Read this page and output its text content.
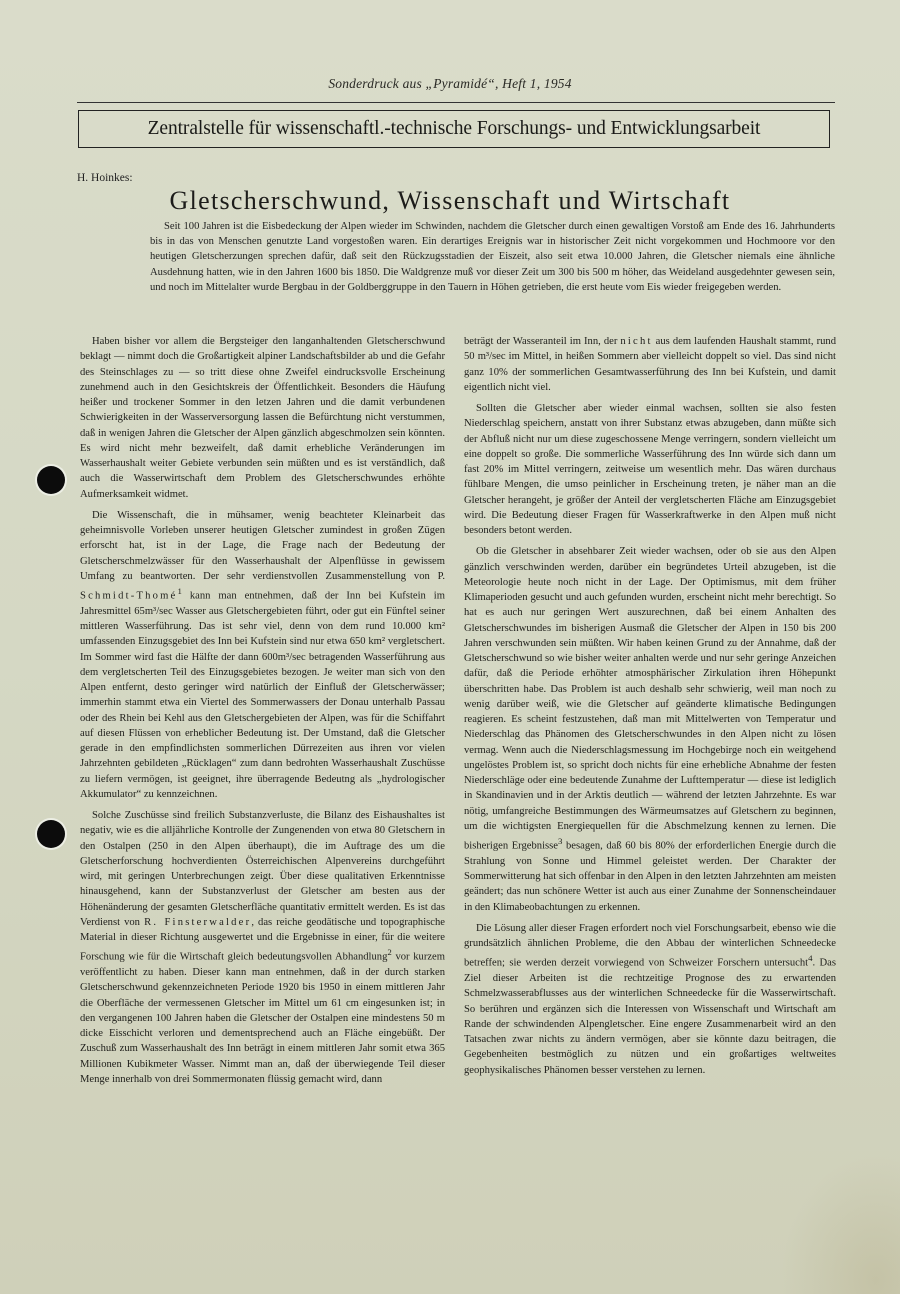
Sonderdruck aus „Pyramidé“, Heft 1, 1954
Zentralstelle für wissenschaftl.-technische Forschungs- und Entwicklungsarbeit
H. Hoinkes:
Gletscherschwund, Wissenschaft und Wirtschaft
Seit 100 Jahren ist die Eisbedeckung der Alpen wieder im Schwinden, nachdem die Gletscher durch einen gewaltigen Vorstoß am Ende des 16. Jahrhunderts bis in das von Menschen genutzte Land vorgestoßen waren. Ein derartiges Ereignis war in historischer Zeit nicht vorgekommen und Hochmoore vor den heutigen Gletscherzungen sprechen dafür, daß seit den Rückzugsstadien der Eiszeit, also seit etwa 10.000 Jahren, die Gletscher niemals eine ähnliche Ausdehnung hatten, wie in den Jahren 1600 bis 1850. Die Waldgrenze muß vor dieser Zeit um 300 bis 500 m höher, das Weideland ausgedehnter gewesen sein, und noch im Mittelalter wurde Bergbau in der Goldberggruppe in den Tauern in Höhen getrieben, die erst heute vom Eis wieder freigegeben werden.

Haben bisher vor allem die Bergsteiger den langanhaltenden Gletscherschwund beklagt — nimmt doch die Großartigkeit alpiner Landschaftsbilder ab und die Gefahr des Steinschlages zu — so tritt diese ohne Zweifel eindrucksvolle Erscheinung zunehmend auch in den Gesichtskreis der Öffentlichkeit. Besonders die Häufung heißer und trockener Sommer in den letzen Jahren und die damit verbundenen Schwierigkeiten in der Wasserversorgung lassen die Befürchtung nicht verstummen, daß in wenigen Jahren die Gletscher der Alpen gänzlich abgeschmolzen sein könnten. Es wird nicht mehr bezweifelt, daß damit erhebliche Veränderungen im Wasserhaushalt weiter Gebiete verbunden sein müßten und es ist verständlich, daß auch die Wasserwirtschaft dem Problem des Gletscherschwundes erhöhte Aufmerksamkeit widmet.

Die Wissenschaft, die in mühsamer, wenig beachteter Kleinarbeit das geheimnisvolle Vorleben unserer heutigen Gletscher zumindest in großen Zügen erforscht hat, ist in der Lage, die Frage nach der Bedeutung der Gletscherschmelzwässer für den Wasserhaushalt der Alpenflüsse in gewissem Umfang zu beantworten. Der sehr verdienstvollen Zusammenstellung von P. Schmidt-Thomé$^1$ kann man entnehmen, daß der Inn bei Kufstein im Jahresmittel 65m³/sec Wasser aus Gletschergebieten führt, oder gut ein Fünftel seiner mittleren Wasserführung. Das ist sehr viel, denn von dem rund 10.000 km² umfassenden Einzugsgebiet des Inn bei Kufstein sind nur etwa 650 km² vergletschert. Im Sommer wird fast die Hälfte der dann 600m³/sec betragenden Wasserführung aus dem vergletscherten Teil des Einzugsgebietes bezogen. Je weiter man sich von den Alpen entfernt, desto geringer wird natürlich der Einfluß der Gletscherwässer; immerhin stammt etwa ein Viertel des Sommerwassers der Donau unterhalb Passau oder des Rhein bei Kehl aus den Gletschergebieten der Alpen, was für die Schiffahrt auf diesen Flüssen von erheblicher Bedeutung ist. Der Umstand, daß die Gletscher gerade in den empfindlichsten sommerlichen Dürrezeiten aus ihren vor vielen Jahrzehnten gebildeten „Rücklagen“ zum dann bedrohten Wasserhaushalt Zuschüsse zu liefern vermögen, ist geeignet, ihre überragende Bedeutng als „hydrologischer Akkumulator“ zu kennzeichnen.

Solche Zuschüsse sind freilich Substanzverluste, die Bilanz des Eishaushaltes ist negativ, wie es die alljährliche Kontrolle der Zungenenden von etwa 80 Gletschern in den Ostalpen (250 in den Alpen überhaupt), die im Auftrage des um die Gletscherforschung hochverdienten Österreichischen Alpenvereins durchgeführt wird, mit geringen Unterbrechungen zeigt. Über diese qualitativen Erkenntnisse hinausgehend, kann der Substanzverlust der Gletscher am besten aus der Höhenänderung der gesamten Gletscherfläche quantitativ ermittelt werden. Es ist das Verdienst von R. Finsterwalder, das reiche geodätische und topographische Material in dieser Richtung ausgewertet und die Ergebnisse in einer, für die weitere Forschung wie für die Wirtschaft gleich bedeutungsvollen Abhandlung$^2$ vor kurzem veröffentlicht zu haben. Dieser kann man entnehmen, daß in der durch starken Gletscherschwund gekennzeichneten Periode 1920 bis 1950 in einem mittleren Jahr die Oberfläche der vermessenen Gletscher im Mittel um 61 cm eingesunken ist; in den vergangenen 100 Jahren haben die Gletscher der Ostalpen eine mindestens 50 m dicke Eisschicht verloren und dementsprechend auch an Fläche eingebüßt. Der Zuschuß zum Wasserhaushalt des Inn beträgt in einem mittleren Jahr somit etwa 365 Millionen Kubikmeter Wasser. Nimmt man an, daß der überwiegende Teil dieser Menge innerhalb von drei Sommermonaten flüssig gemacht wird, dann

beträgt der Wasseranteil im Inn, der nicht aus dem laufenden Haushalt stammt, rund 50 m³/sec im Mittel, in heißen Sommern aber vielleicht doppelt so viel. Das sind nicht ganz 10% der sommerlichen Gesamtwasserführung des Inn bei Kufstein, und damit eigentlich nicht viel.

Sollten die Gletscher aber wieder einmal wachsen, sollten sie also festen Niederschlag speichern, anstatt von ihrer Substanz etwas abzugeben, dann müßte sich der Abfluß nicht nur um diese zugeschossene Menge verringern, sondern vielleicht um eine doppelt so große. Die sommerliche Wasserführung des Inn würde sich dann um fast 20% im Mittel verringern, zeitweise um wesentlich mehr. Das wären durchaus fühlbare Mengen, die umso peinlicher in Erscheinung treten, je näher man an die Gletscher herangeht, je größer der Anteil der vergletscherten Fläche am Einzugsgebiet wird. Die Bedeutung dieser Fragen für Wasserkraftwerke in den Alpen muß nicht besonders betont werden.

Ob die Gletscher in absehbarer Zeit wieder wachsen, oder ob sie aus den Alpen gänzlich verschwinden werden, darüber ein begründetes Urteil abzugeben, ist die Meteorologie heute noch nicht in der Lage. Der Optimismus, mit dem früher Klimaperioden gesucht und auch gefunden wurden, erscheint nicht mehr berechtigt. So hat es auch nur geringen Wert auszurechnen, daß bei einem Anhalten des Gletscherschwundes im bisherigen Ausmaß die Gletscher der Alpen in 150 bis 200 Jahren verschwunden sein müßten. Wir haben keinen Grund zu der Annahme, daß der Gletscherschwund so wie bisher weiter anhalten werde und nur sehr geringe Anzeichen dafür, daß die Periode erhöhter atmosphärischer Zirkulation ihren Höhepunkt überschritten habe. Das Problem ist auch deshalb sehr schwierig, weil man noch zu wenig darüber weiß, wie die Gletscher auf geänderte klimatische Bedingungen reagieren. Es scheint festzustehen, daß man mit Mittelwerten von Temperatur und Niederschlag das Phänomen des Gletscherschwundes in den Alpen nicht zu lösen vermag. Wenn auch die Niederschlagsmessung im Hochgebirge noch ein weitgehend ungelöstes Problem ist, so spricht doch nichts für eine erhebliche Abnahme der festen Niederschläge oder eine bedeutende Zunahme der Lufttemperatur — diese ist lediglich in Skandinavien und in der Arktis deutlich — während der letzten Jahrzehnte. Es war nötig, umfangreiche Bestimmungen des Wärmeumsatzes auf Gletschern zu beginnen, um die wichtigsten Energiequellen für die Abschmelzung kennen zu lernen. Die bisherigen Ergebnisse$^3$ besagen, daß 60 bis 80% der erforderlichen Energie durch die Strahlung von Sonne und Himmel geleistet werden. Der Charakter der Sommerwitterung hat sich offenbar in den Alpen in den letzten Jahrzehnten am meisten geändert; das nun schönere Wetter ist auch aus einer Zunahme der Sonnenscheindauer in den Klimabeobachtungen zu erkennen.

Die Lösung aller dieser Fragen erfordert noch viel Forschungsarbeit, ebenso wie die grundsätzlich ähnlichen Probleme, die den Abbau der winterlichen Schneedecke betreffen; sie werden derzeit vorwiegend von Schweizer Forschern untersucht$^4$. Das Ziel dieser Arbeiten ist die rechtzeitige Prognose des zu erwartenden Schmelzwasserabflusses aus der winterlichen Schneedecke für die Wasserwirtschaft. So berühren und ergänzen sich die Interessen von Wissenschaft und Wirtschaft am Rande der schwindenden Alpengletscher. Eine engere Zusammenarbeit wird an den Tatsachen zwar nichts zu ändern vermögen, aber sie könnte dazu beitragen, die Gegebenheiten bestmöglich zu nützen und ein großartiges weltweites geophysikalisches Phänomen besser verstehen zu lernen.
